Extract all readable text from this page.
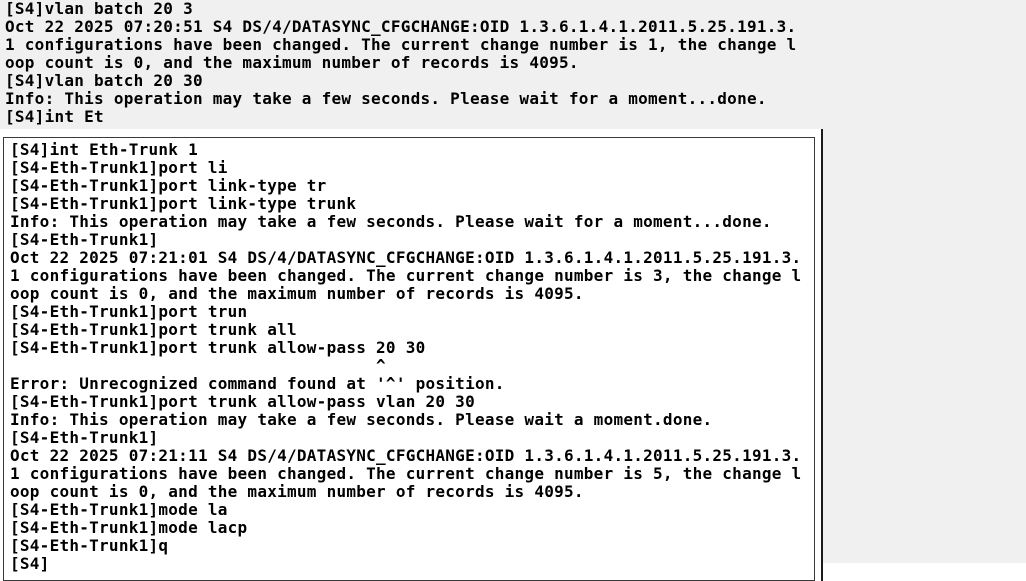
[S4]vlan batch 20 3
Oct 22 2025 07:20:51 S4 DS/4/DATASYNC_CFGCHANGE:OID 1.3.6.1.4.1.2011.5.25.191.3.
1 configurations have been changed. The current change number is 1, the change l
oop count is 0, and the maximum number of records is 4095.
[S4]vlan batch 20 30
Info: This operation may take a few seconds. Please wait for a moment...done.
[S4]int Et
[S4]int Eth-Trunk 1
[S4-Eth-Trunk1]port li
[S4-Eth-Trunk1]port link-type tr
[S4-Eth-Trunk1]port link-type trunk
Info: This operation may take a few seconds. Please wait for a moment...done.
[S4-Eth-Trunk1]
Oct 22 2025 07:21:01 S4 DS/4/DATASYNC_CFGCHANGE:OID 1.3.6.1.4.1.2011.5.25.191.3.
1 configurations have been changed. The current change number is 3, the change l
oop count is 0, and the maximum number of records is 4095.
[S4-Eth-Trunk1]port trun
[S4-Eth-Trunk1]port trunk all
[S4-Eth-Trunk1]port trunk allow-pass 20 30
^
Error: Unrecognized command found at '^' position.
[S4-Eth-Trunk1]port trunk allow-pass vlan 20 30
Info: This operation may take a few seconds. Please wait a moment.done.
[S4-Eth-Trunk1]
Oct 22 2025 07:21:11 S4 DS/4/DATASYNC_CFGCHANGE:OID 1.3.6.1.4.1.2011.5.25.191.3.
1 configurations have been changed. The current change number is 5, the change l
oop count is 0, and the maximum number of records is 4095.
[S4-Eth-Trunk1]mode la
[S4-Eth-Trunk1]mode lacp
[S4-Eth-Trunk1]q
[S4]
